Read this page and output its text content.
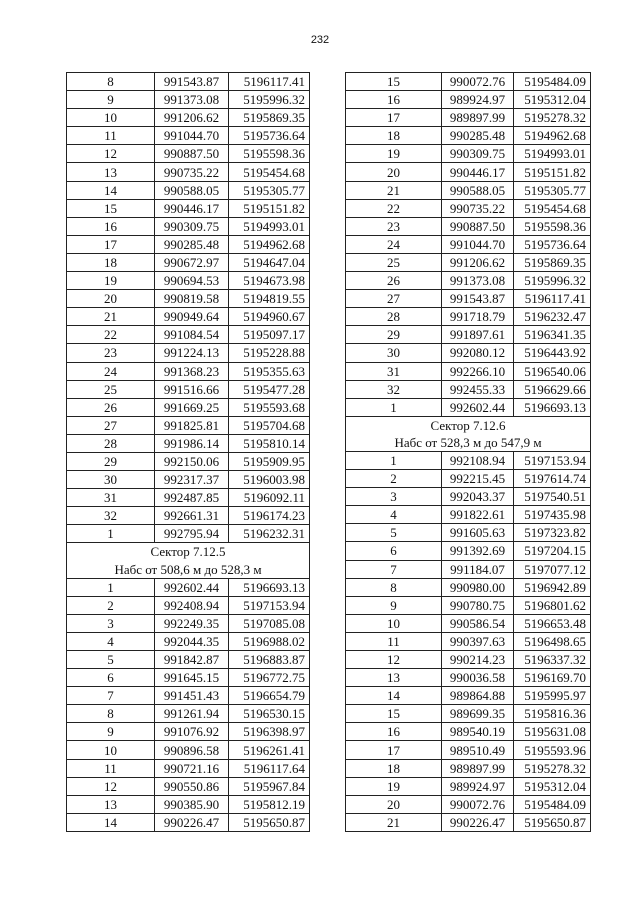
232
8	991543.87	5196117.41
9	991373.08	5195996.32
10	991206.62	5195869.35
11	991044.70	5195736.64
12	990887.50	5195598.36
13	990735.22	5195454.68
14	990588.05	5195305.77
15	990446.17	5195151.82
16	990309.75	5194993.01
17	990285.48	5194962.68
18	990672.97	5194647.04
19	990694.53	5194673.98
20	990819.58	5194819.55
21	990949.64	5194960.67
22	991084.54	5195097.17
23	991224.13	5195228.88
24	991368.23	5195355.63
25	991516.66	5195477.28
26	991669.25	5195593.68
27	991825.81	5195704.68
28	991986.14	5195810.14
29	992150.06	5195909.95
30	992317.37	5196003.98
31	992487.85	5196092.11
32	992661.31	5196174.23
1	992795.94	5196232.31
Сектор 7.12.5		
Набс от 508,6 м до 528,3 м		
1	992602.44	5196693.13
2	992408.94	5197153.94
3	992249.35	5197085.08
4	992044.35	5196988.02
5	991842.87	5196883.87
6	991645.15	5196772.75
7	991451.43	5196654.79
8	991261.94	5196530.15
9	991076.92	5196398.97
10	990896.58	5196261.41
11	990721.16	5196117.64
12	990550.86	5195967.84
13	990385.90	5195812.19
14	990226.47	5195650.87
15	990072.76	5195484.09
16	989924.97	5195312.04
17	989897.99	5195278.32
18	990285.48	5194962.68
19	990309.75	5194993.01
20	990446.17	5195151.82
21	990588.05	5195305.77
22	990735.22	5195454.68
23	990887.50	5195598.36
24	991044.70	5195736.64
25	991206.62	5195869.35
26	991373.08	5195996.32
27	991543.87	5196117.41
28	991718.79	5196232.47
29	991897.61	5196341.35
30	992080.12	5196443.92
31	992266.10	5196540.06
32	992455.33	5196629.66
1	992602.44	5196693.13
Сектор 7.12.6		
Набс от 528,3 м до 547,9 м		
1	992108.94	5197153.94
2	992215.45	5197614.74
3	992043.37	5197540.51
4	991822.61	5197435.98
5	991605.63	5197323.82
6	991392.69	5197204.15
7	991184.07	5197077.12
8	990980.00	5196942.89
9	990780.75	5196801.62
10	990586.54	5196653.48
11	990397.63	5196498.65
12	990214.23	5196337.32
13	990036.58	5196169.70
14	989864.88	5195995.97
15	989699.35	5195816.36
16	989540.19	5195631.08
17	989510.49	5195593.96
18	989897.99	5195278.32
19	989924.97	5195312.04
20	990072.76	5195484.09
21	990226.47	5195650.87
